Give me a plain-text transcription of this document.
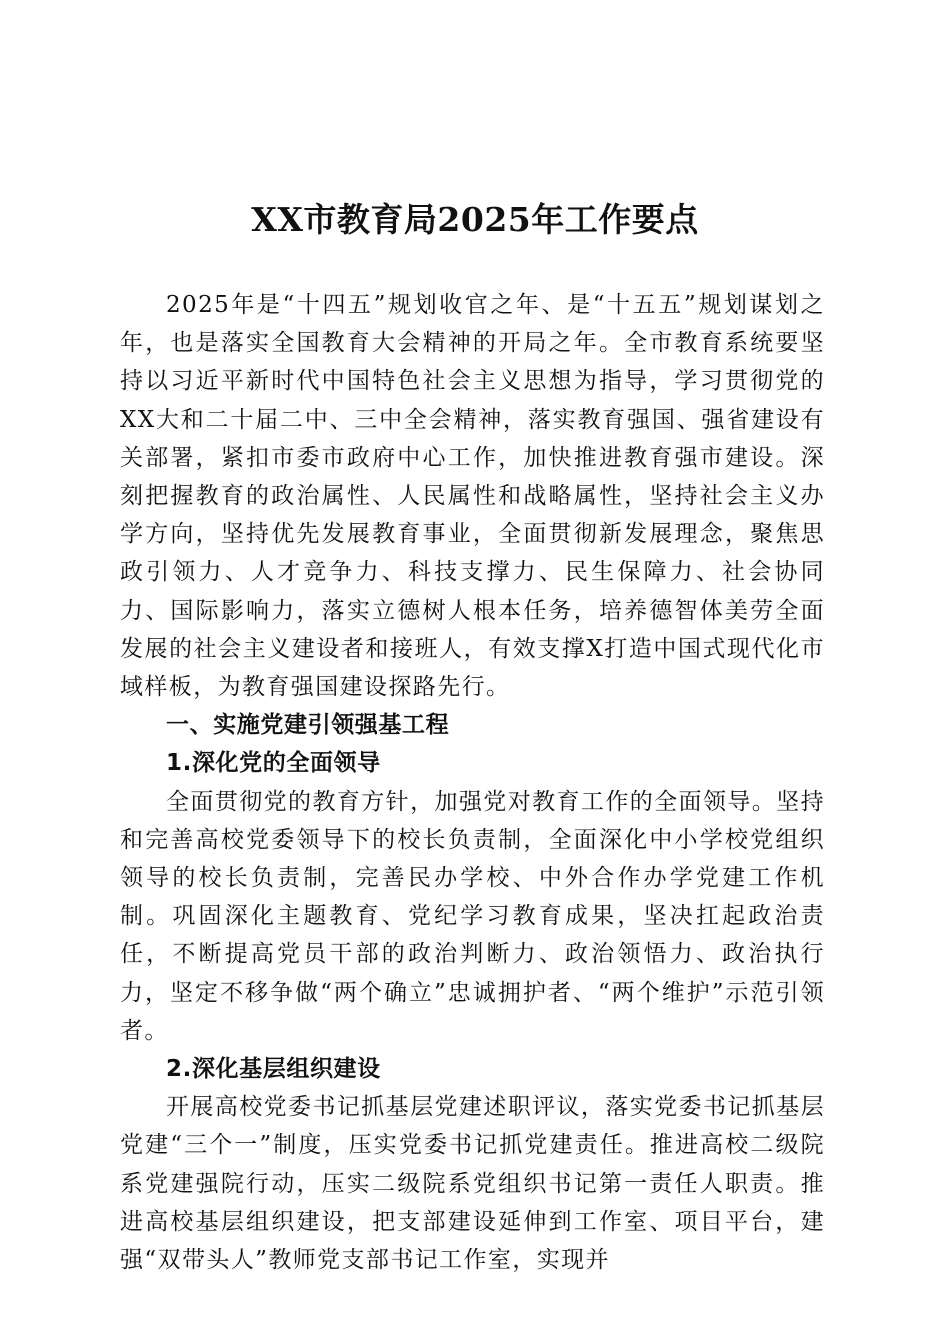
XX市教育局2025年工作要点

2025年是“十四五”规划收官之年、是“十五五”规划谋划之年，也是落实全国教育大会精神的开局之年。全市教育系统要坚持以习近平新时代中国特色社会主义思想为指导，学习贯彻党的XX大和二十届二中、三中全会精神，落实教育强国、强省建设有关部署，紧扣市委市政府中心工作，加快推进教育强市建设。深刻把握教育的政治属性、人民属性和战略属性，坚持社会主义办学方向，坚持优先发展教育事业，全面贯彻新发展理念，聚焦思政引领力、人才竞争力、科技支撑力、民生保障力、社会协同力、国际影响力，落实立德树人根本任务，培养德智体美劳全面发展的社会主义建设者和接班人，有效支撑X打造中国式现代化市域样板，为教育强国建设探路先行。

一、实施党建引领强基工程

1.深化党的全面领导

全面贯彻党的教育方针，加强党对教育工作的全面领导。坚持和完善高校党委领导下的校长负责制，全面深化中小学校党组织领导的校长负责制，完善民办学校、中外合作办学党建工作机制。巩固深化主题教育、党纪学习教育成果，坚决扛起政治责任，不断提高党员干部的政治判断力、政治领悟力、政治执行力，坚定不移争做“两个确立”忠诚拥护者、“两个维护”示范引领者。

2.深化基层组织建设

开展高校党委书记抓基层党建述职评议，落实党委书记抓基层党建“三个一”制度，压实党委书记抓党建责任。推进高校二级院系党建强院行动，压实二级院系党组织书记第一责任人职责。推进高校基层组织建设，把支部建设延伸到工作室、项目平台，建强“双带头人”教师党支部书记工作室，实现并
